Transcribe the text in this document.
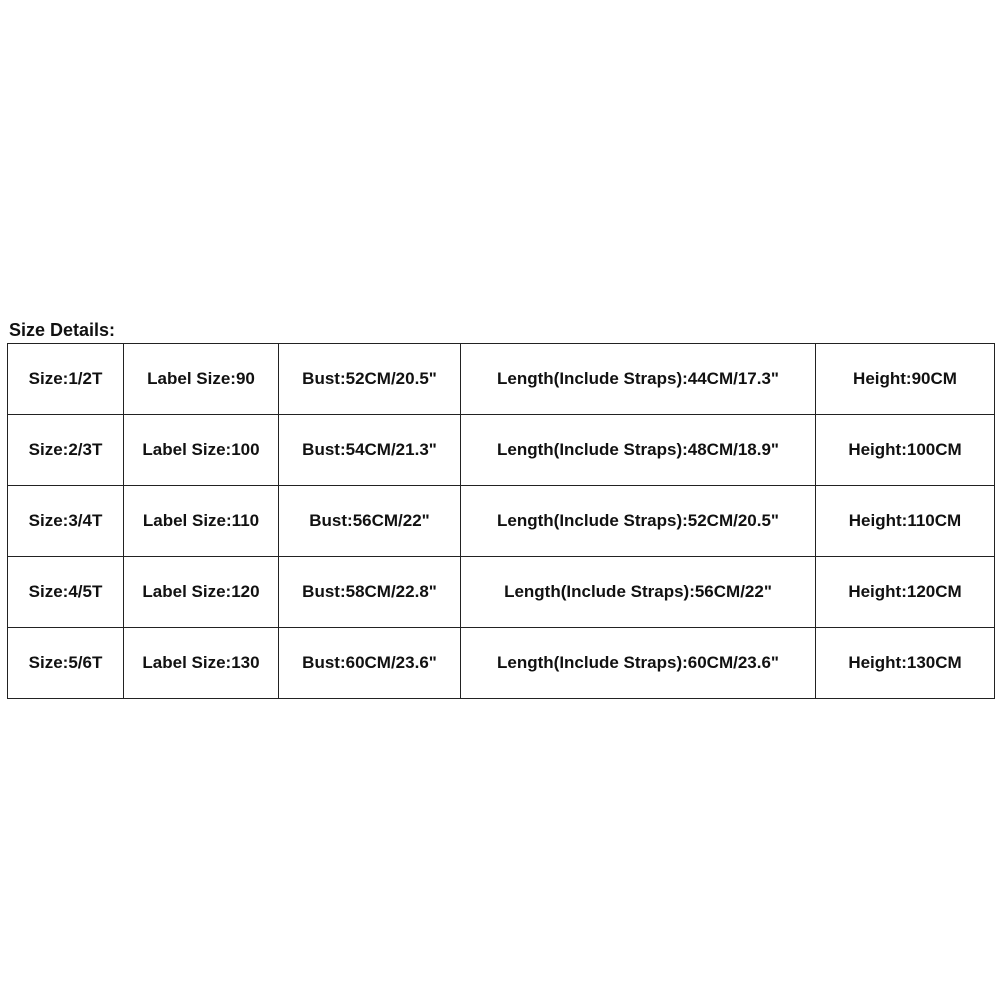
Size Details:
Size:1/2T	Label Size:90	Bust:52CM/20.5"	Length(Include Straps):44CM/17.3"	Height:90CM
Size:2/3T	Label Size:100	Bust:54CM/21.3"	Length(Include Straps):48CM/18.9"	Height:100CM
Size:3/4T	Label Size:110	Bust:56CM/22"	Length(Include Straps):52CM/20.5"	Height:110CM
Size:4/5T	Label Size:120	Bust:58CM/22.8"	Length(Include Straps):56CM/22"	Height:120CM
Size:5/6T	Label Size:130	Bust:60CM/23.6"	Length(Include Straps):60CM/23.6"	Height:130CM
